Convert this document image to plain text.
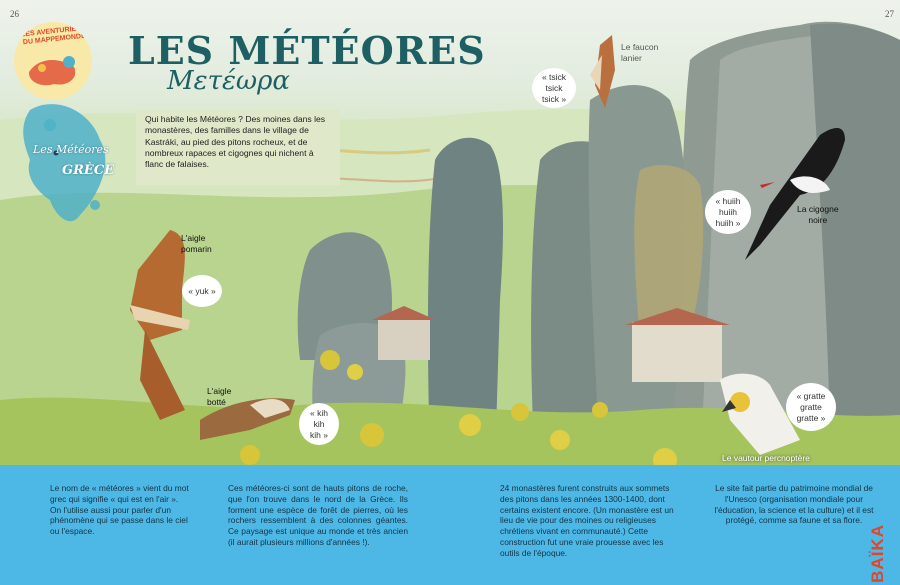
26	27
LES AVENTURIERS DU MAPPEMONDE LES MÉTÉORES
Μετέωρα
Les Météores
GRÈCE
Qui habite les Météores ? Des moines dans les monastères, des familles dans le village de Kastráki, au pied des pitons rocheux, et de nombreux rapaces et cigognes qui nichent à flanc de falaises.
« tsick
tsick
tsick »
Le faucon
lanier
« huiih
huiih
huiih »
La cigogne
noire
L'aigle
pomarin
« yuk »
L'aigle
botté
« kih
kih
kih »
« gratte
gratte
gratte »
Le vautour percnoptère
Le nom de « météores » vient du mot grec qui signifie « qui est en l'air ». On l'utilise aussi pour parler d'un phénomène qui se passe dans le ciel ou l'espace.
Ces météores-ci sont de hauts pitons de roche, que l'on trouve dans le nord de la Grèce. Ils forment une espèce de forêt de pierres, où les rochers ressemblent à des colonnes géantes. Ce paysage est unique au monde et très ancien (il aurait plusieurs millions d'années !).
24 monastères furent construits aux sommets des pitons dans les années 1300-1400, dont certains existent encore. (Un monastère est un lieu de vie pour des moines ou religieuses chrétiens vivant en communauté.) Cette construction fut une vraie prouesse avec les outils de l'époque.
Le site fait partie du patrimoine mondial de l'Unesco (organisation mondiale pour l'éducation, la science et la culture) et il est protégé, comme sa faune et sa flore.
BAÏKA
